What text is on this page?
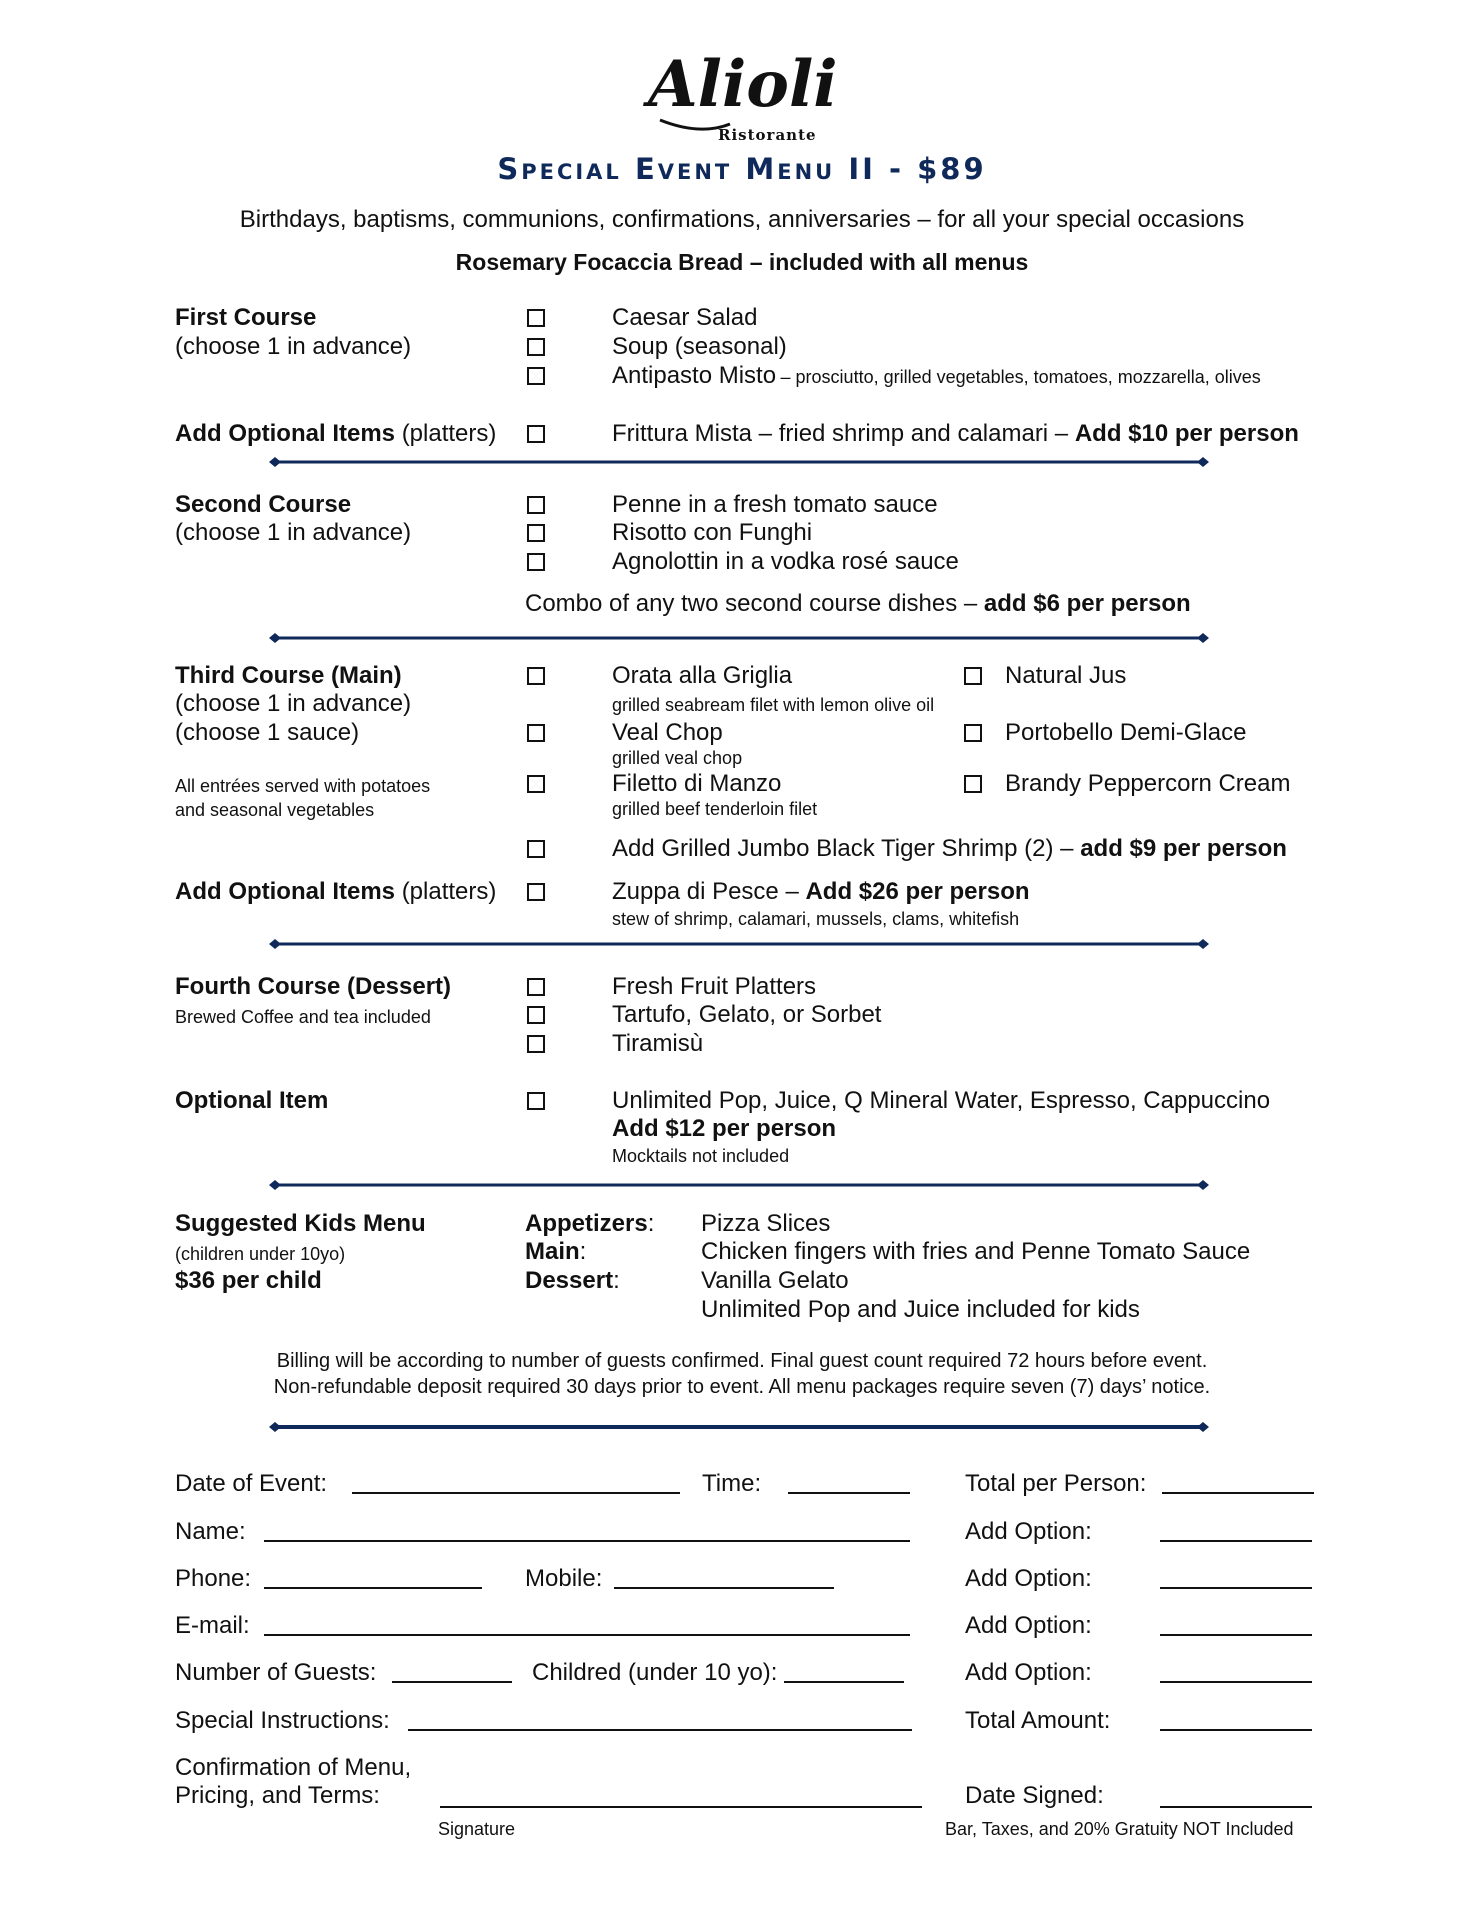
Alioli
Ristorante
SPECIAL EVENT MENU II - $89
Birthdays, baptisms, communions, confirmations, anniversaries – for all your special occasions
Rosemary Focaccia Bread – included with all menus
First Course
(choose 1 in advance)
Caesar Salad
Soup (seasonal)
Antipasto Misto – prosciutto, grilled vegetables, tomatoes, mozzarella, olives
Add Optional Items (platters)	Frittura Mista – fried shrimp and calamari – Add $10 per person
Second Course
(choose 1 in advance)
Penne in a fresh tomato sauce
Risotto con Funghi
Agnolottin in a vodka rosé sauce
Combo of any two second course dishes – add $6 per person
Third Course (Main)
(choose 1 in advance)
(choose 1 sauce)
All entrées served with potatoes
and seasonal vegetables
Orata alla Griglia
grilled seabream filet with lemon olive oil
Veal Chop
grilled veal chop
Filetto di Manzo
grilled beef tenderloin filet
Natural Jus
Portobello Demi-Glace
Brandy Peppercorn Cream
Add Grilled Jumbo Black Tiger Shrimp (2) – add $9 per person
Add Optional Items (platters)	Zuppa di Pesce – Add $26 per person
stew of shrimp, calamari, mussels, clams, whitefish
Fourth Course (Dessert)
Brewed Coffee and tea included
Fresh Fruit Platters
Tartufo, Gelato, or Sorbet
Tiramisù
Optional Item	Unlimited Pop, Juice, Q Mineral Water, Espresso, Cappuccino
Add $12 per person
Mocktails not included
Suggested Kids Menu
(children under 10yo)
$36 per child
Appetizers: Pizza Slices
Main:	Chicken fingers with fries and Penne Tomato Sauce
Dessert:	Vanilla Gelato
Unlimited Pop and Juice included for kids
Billing will be according to number of guests confirmed. Final guest count required 72 hours before event.
Non-refundable deposit required 30 days prior to event. All menu packages require seven (7) days’ notice.
Date of Event:	Time:	Total per Person:
Name:	Add Option:
Phone:	Mobile:	Add Option:
E-mail:	Add Option:
Number of Guests:	Childred (under 10 yo):	Add Option:
Special Instructions:	Total Amount:
Confirmation of Menu,
Pricing, and Terms:	Date Signed:
Signature	Bar, Taxes, and 20% Gratuity NOT Included
